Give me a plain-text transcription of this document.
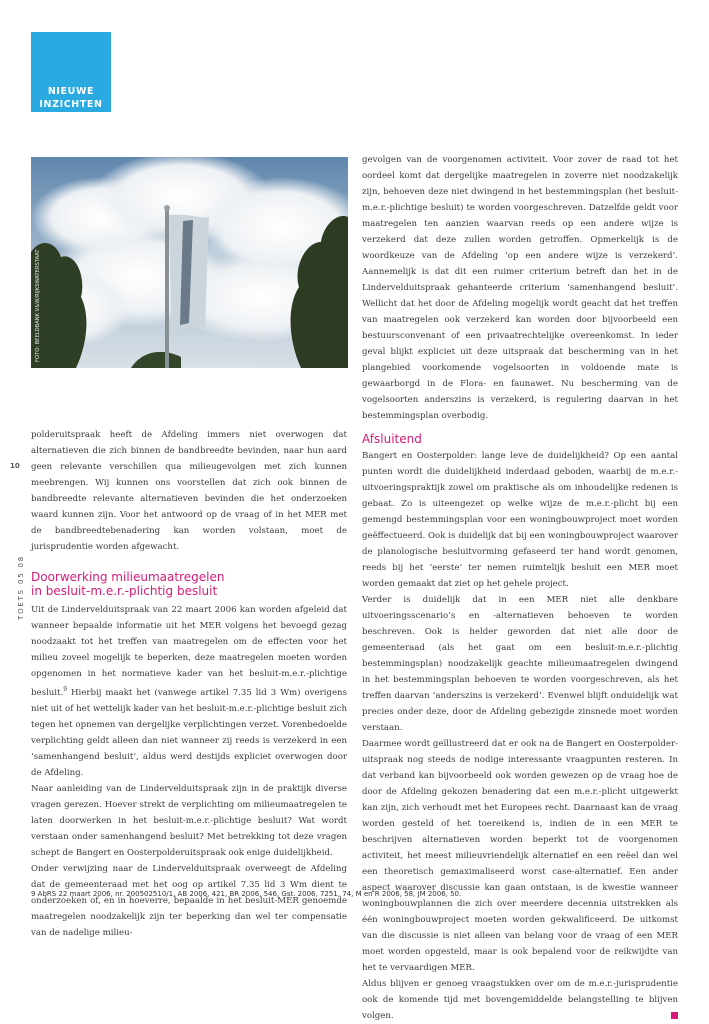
NIEUWE
INZICHTEN
FOTO: BEELDBANK V&W/RIJKSWATERSTAAT
10
TOETS 05 08

polderuitspraak heeft de Afdeling immers niet overwogen dat alternatieven die zich binnen de bandbreedte bevinden, naar hun aard geen relevante verschillen qua milieugevolgen met zich kunnen meebrengen. Wij kunnen ons voorstellen dat zich ook binnen de bandbreedte relevante alternatieven bevinden die het onderzoeken waard kunnen zijn. Voor het antwoord op de vraag of in het MER met de bandbreedtebenadering kan worden volstaan, moet de jurisprudentie worden afgewacht.

Doorwerking milieumaatregelen
in besluit-m.e.r.-plichtig besluit

Uit de Lindervelduitspraak van 22 maart 2006 kan worden afgeleid dat wanneer bepaalde informatie uit het MER volgens het bevoegd gezag noodzaakt tot het treffen van maatregelen om de effecten voor het milieu zoveel mogelijk te beperken, deze maatregelen moeten worden opgenomen in het normatieve kader van het besluit-m.e.r.-plichtige besluit.$^9$ Hierbij maakt het (vanwege artikel 7.35 lid 3 Wm) overigens niet uit of het wettelijk kader van het besluit-m.e.r.-plichtige besluit zich tegen het opnemen van dergelijke verplichtingen verzet. Vorenbedoelde verplichting geldt alleen dan niet wanneer zij reeds is verzekerd in een ‘samenhangend besluit’, aldus werd destijds expliciet overwogen door de Afdeling.

Naar aanleiding van de Lindervelduitspraak zijn in de praktijk diverse vragen gerezen. Hoever strekt de verplichting om milieumaatregelen te laten doorwerken in het besluit-m.e.r.-plichtige besluit? Wat wordt verstaan onder samenhangend besluit? Met betrekking tot deze vragen schept de Bangert en Oosterpolderuitspraak ook enige duidelijkheid.

Onder verwijzing naar de Lindervelduitspraak overweegt de Afdeling dat de gemeenteraad met het oog op artikel 7.35 lid 3 Wm dient te onderzoeken of, en in hoeverre, bepaalde in het besluit-MER genoemde maatregelen noodzakelijk zijn ter beperking dan wel ter compensatie van de nadelige milieu-

gevolgen van de voorgenomen activiteit. Voor zover de raad tot het oordeel komt dat dergelijke maatregelen in zoverre niet noodzakelijk zijn, behoeven deze niet dwingend in het bestemmingsplan (het besluit-m.e.r.-plichtige besluit) te worden voorgeschreven. Datzelfde geldt voor maatregelen ten aanzien waarvan reeds op een andere wijze is verzekerd dat deze zullen worden getroffen. Opmerkelijk is de woordkeuze van de Afdeling ‘op een andere wijze is verzekerd’. Aannemelijk is dat dit een ruimer criterium betreft dan het in de Lindervelduitspraak gehanteerde criterium ‘samenhangend besluit’. Wellicht dat het door de Afdeling mogelijk wordt geacht dat het treffen van maatregelen ook verzekerd kan worden door bijvoorbeeld een bestuursconvenant of een privaatrechtelijke overeenkomst. In ieder geval blijkt expliciet uit deze uitspraak dat bescherming van in het plangebied voorkomende vogelsoorten in voldoende mate is gewaarborgd in de Flora- en faunawet. Nu bescherming van de vogelsoorten anderszins is verzekerd, is regulering daarvan in het bestemmingsplan overbodig.

Afsluitend

Bangert en Oosterpolder: lange leve de duidelijkheid? Op een aantal punten wordt die duidelijkheid inderdaad geboden, waarbij de m.e.r.-uitvoeringspraktijk zowel om praktische als om inhoudelijke redenen is gebaat. Zo is uiteengezet op welke wijze de m.e.r.-plicht bij een gemengd bestemmingsplan voor een woningbouwproject moet worden geëffectueerd. Ook is duidelijk dat bij een woningbouwproject waarover de planologische besluitvorming gefaseerd ter hand wordt genomen, reeds bij het ‘eerste’ ter nemen ruimtelijk besluit een MER moet worden gemaakt dat ziet op het gehele project.

Verder is duidelijk dat in een MER niet alle denkbare uitvoeringsscenario’s en -alternatieven behoeven te worden beschreven. Ook is helder geworden dat niet alle door de gemeenteraad (als het gaat om een besluit-m.e.r.-plichtig bestemmingsplan) noodzakelijk geachte milieumaatregelen dwingend in het bestemmingsplan behoeven te worden voorgeschreven, als het treffen daarvan ‘anderszins is verzekerd’. Evenwel blijft onduidelijk wat precies onder deze, door de Afdeling gebezigde zinsnede moet worden verstaan.

Daarmee wordt geïllustreerd dat er ook na de Bangert en Oosterpolderuitspraak nog steeds de nodige interessante vraagpunten resteren. In dat verband kan bijvoorbeeld ook worden gewezen op de vraag hoe de door de Afdeling gekozen benadering dat een m.e.r.-plicht uitgewerkt kan zijn, zich verhoudt met het Europees recht. Daarnaast kan de vraag worden gesteld of het toereikend is, indien de in een MER te beschrijven alternatieven worden beperkt tot de voorgenomen activiteit, het meest milieuvriendelijk alternatief en een reëel dan wel een theoretisch gemaximaliseerd worst case-alternatief. Een ander aspect waarover discussie kan gaan ontstaan, is de kwestie wanneer woningbouwplannen die zich over meerdere decennia uitstrekken als één woningbouwproject moeten worden gekwalificeerd. De uitkomst van die discussie is niet alleen van belang voor de vraag of een MER moet worden opgesteld, maar is ook bepalend voor de reikwijdte van het te vervaardigen MER.

Aldus blijven er genoeg vraagstukken over om de m.e.r.-jurisprudentie ook de komende tijd met bovengemiddelde belangstelling te blijven volgen.

9 AbRS 22 maart 2006, nr. 200502510/1, AB 2006, 421, BR 2006, 546, Gst. 2006, 7251, 74, M en R 2006, 58, JM 2006, 50.
